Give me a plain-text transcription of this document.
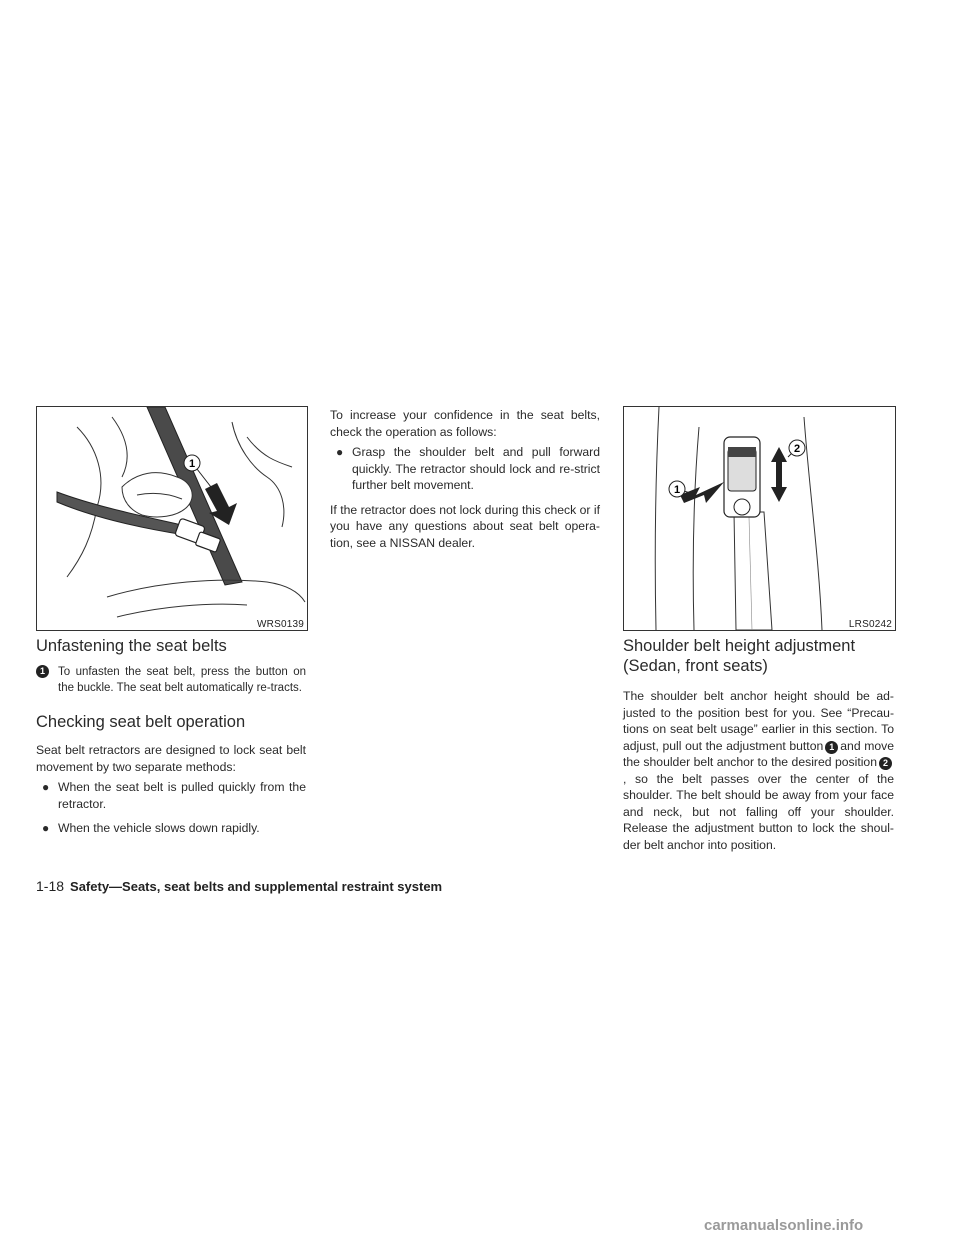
1
WRS0139
1
2
LRS0242
Unfastening the seat belts
1	To unfasten the seat belt, press the button on the buckle. The seat belt automatically re-tracts.
Checking seat belt operation

Seat belt retractors are designed to lock seat belt movement by two separate methods:

● When the seat belt is pulled quickly from the retractor.
● When the vehicle slows down rapidly.

To increase your confidence in the seat belts, check the operation as follows:

● Grasp the shoulder belt and pull forward quickly. The retractor should lock and re-strict further belt movement.

If the retractor does not lock during this check or if you have any questions about seat belt opera-tion, see a NISSAN dealer.

Shoulder belt height adjustment
(Sedan, front seats)

The shoulder belt anchor height should be ad-justed to the position best for you. See “Precau-tions on seat belt usage” earlier in this section. To adjust, pull out the adjustment button 1 and move the shoulder belt anchor to the desired position 2, so the belt passes over the center of the shoulder. The belt should be away from your face and neck, but not falling off your shoulder. Release the adjustment button to lock the shoul-der belt anchor into position.

1-18 Safety—Seats, seat belts and supplemental restraint system
carmanualsonline.info
